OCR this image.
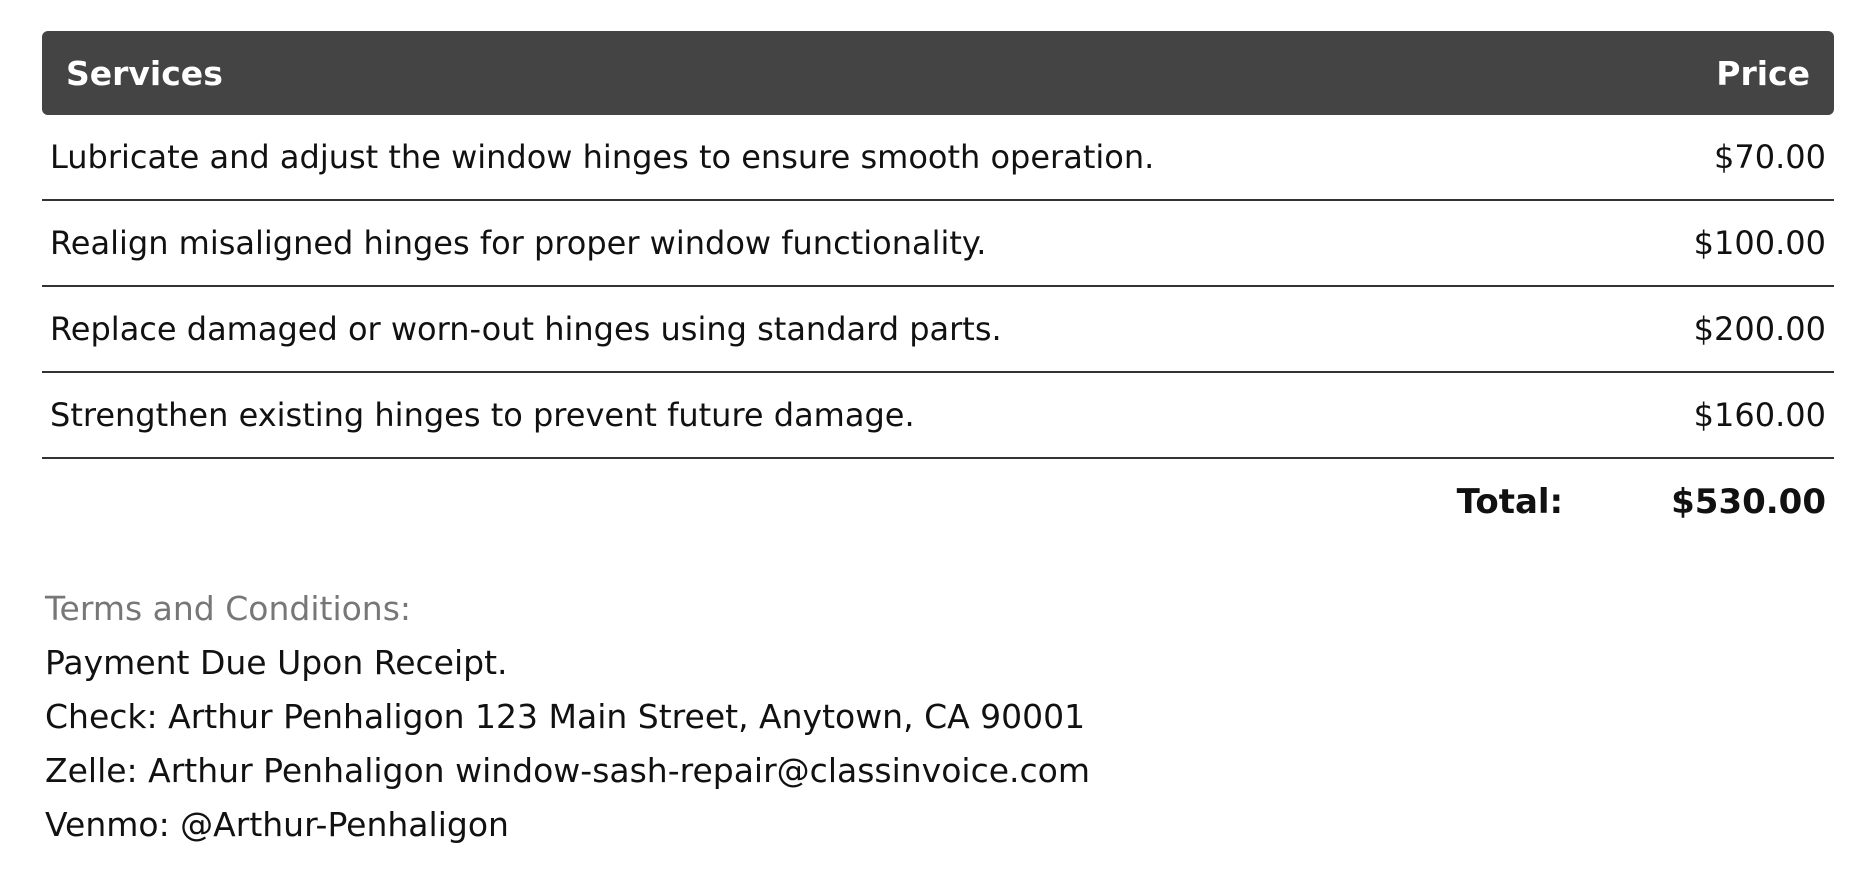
Services	Price
Lubricate and adjust the window hinges to ensure smooth operation.	$70.00
Realign misaligned hinges for proper window functionality.	$100.00
Replace damaged or worn-out hinges using standard parts.	$200.00
Strengthen existing hinges to prevent future damage.	$160.00
Total:	$530.00
Terms and Conditions:
Payment Due Upon Receipt.
Check: Arthur Penhaligon 123 Main Street, Anytown, CA 90001
Zelle: Arthur Penhaligon window-sash-repair@classinvoice.com
Venmo: @Arthur-Penhaligon
